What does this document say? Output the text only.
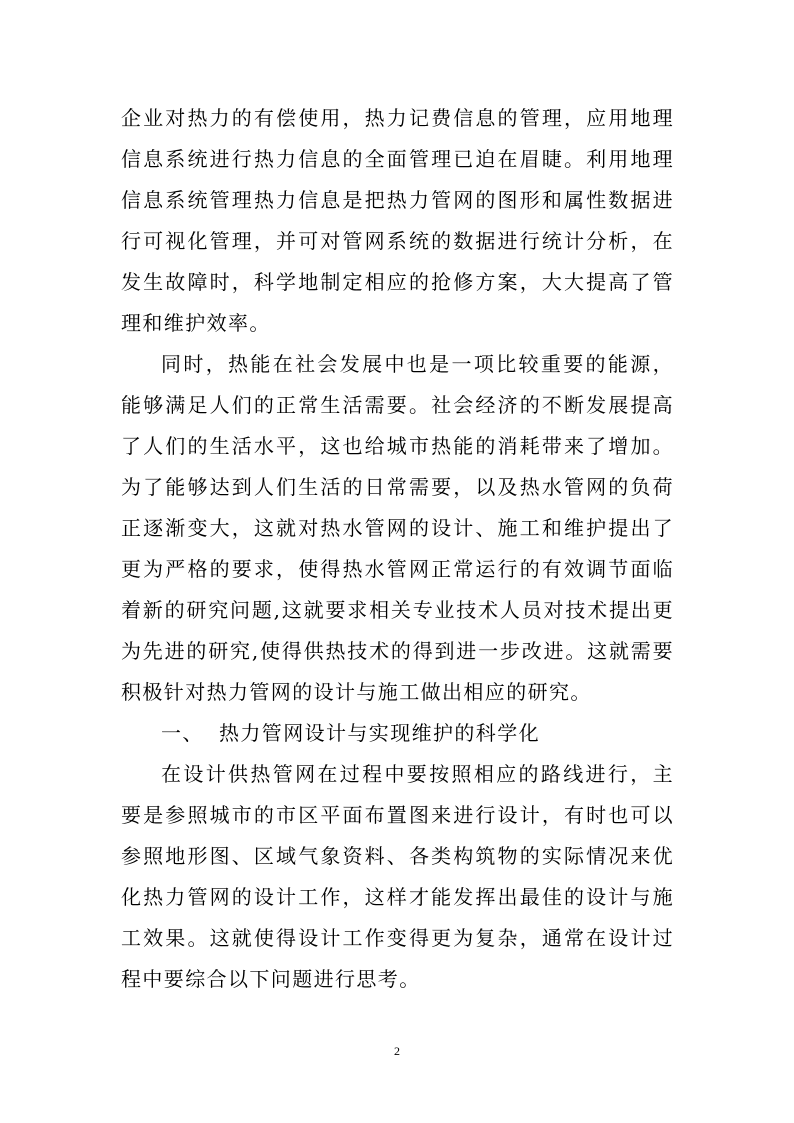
企业对热力的有偿使用，热力记费信息的管理，应用地理信息系统进行热力信息的全面管理已迫在眉睫。利用地理信息系统管理热力信息是把热力管网的图形和属性数据进行可视化管理，并可对管网系统的数据进行统计分析，在发生故障时，科学地制定相应的抢修方案，大大提高了管理和维护效率。

同时，热能在社会发展中也是一项比较重要的能源，能够满足人们的正常生活需要。社会经济的不断发展提高了人们的生活水平，这也给城市热能的消耗带来了增加。为了能够达到人们生活的日常需要，以及热水管网的负荷正逐渐变大，这就对热水管网的设计、施工和维护提出了更为严格的要求，使得热水管网正常运行的有效调节面临着新的研究问题,这就要求相关专业技术人员对技术提出更为先进的研究,使得供热技术的得到进一步改进。这就需要积极针对热力管网的设计与施工做出相应的研究。

一、 热力管网设计与实现维护的科学化

在设计供热管网在过程中要按照相应的路线进行，主要是参照城市的市区平面布置图来进行设计，有时也可以参照地形图、区域气象资料、各类构筑物的实际情况来优化热力管网的设计工作，这样才能发挥出最佳的设计与施工效果。这就使得设计工作变得更为复杂，通常在设计过程中要综合以下问题进行思考。

2
